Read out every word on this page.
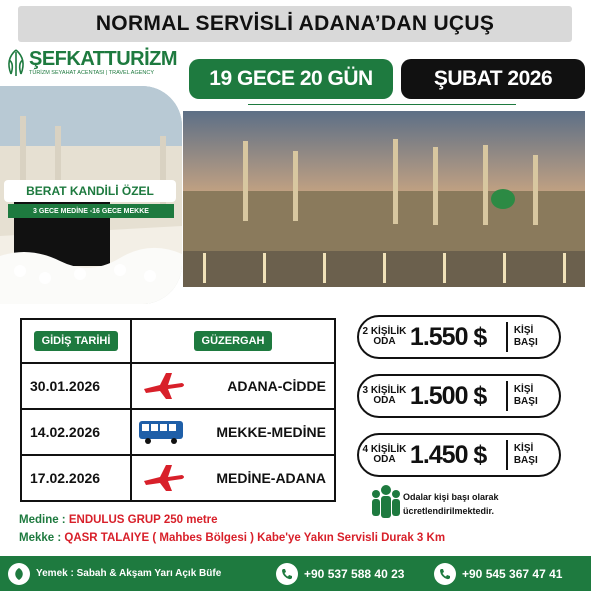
NORMAL SERVİSLİ ADANA’DAN UÇUŞ
ŞEFKATTURİZM
TÜRİZM SEYAHAT ACENTASI | TRAVEL AGENCY
BERAT KANDİLİ ÖZEL
3 GECE MEDİNE -16 GECE MEKKE
19 GECE 20 GÜN	ŞUBAT 2026
GİDİŞ TARİHİ	GÜZERGAH
30.01.2026	ADANA-CİDDE

14.02.2026	MEKKE-MEDİNE

17.02.2026	MEDİNE-ADANA
2 KİŞİLİK ODA 1.550 $	KİŞİ BAŞI
3 KİŞİLİK ODA 1.500 $	KİŞİ BAŞI
4 KİŞİLİK ODA 1.450 $	KİŞİ BAŞI
Odalar kişi başı olarak
ücretlendirilmektedir.
Medine : ENDULUS GRUP 250 metre
Mekke : QASR TALAIYE ( Mahbes Bölgesi ) Kabe'ye Yakın Servisli Durak 3 Km
Yemek : Sabah & Akşam Yarı Açık Büfe	+90 537 588 40 23	+90 545 367 47 41
